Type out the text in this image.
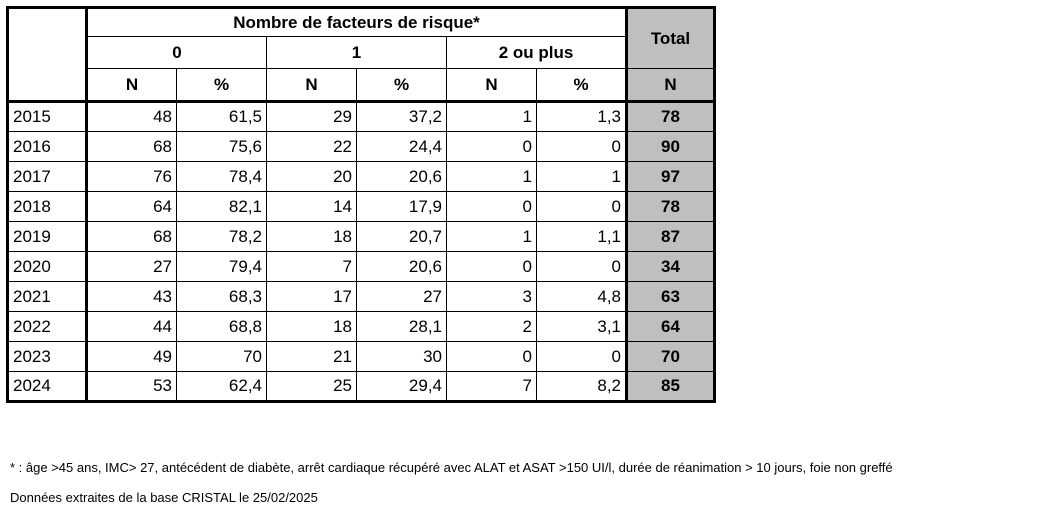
	Nombre de facteurs de risque*						Total
	0		1		2 ou plus		
	N	%	N	%	N	%	N
2015	48	61,5	29	37,2	1	1,3	78
2016	68	75,6	22	24,4	0	0	90
2017	76	78,4	20	20,6	1	1	97
2018	64	82,1	14	17,9	0	0	78
2019	68	78,2	18	20,7	1	1,1	87
2020	27	79,4	7	20,6	0	0	34
2021	43	68,3	17	27	3	4,8	63
2022	44	68,8	18	28,1	2	3,1	64
2023	49	70	21	30	0	0	70
2024	53	62,4	25	29,4	7	8,2	85
* : âge >45 ans, IMC> 27, antécédent de diabète, arrêt cardiaque récupéré avec ALAT et ASAT >150 UI/l, durée de réanimation > 10 jours, foie non greffé
Données extraites de la base CRISTAL le 25/02/2025
